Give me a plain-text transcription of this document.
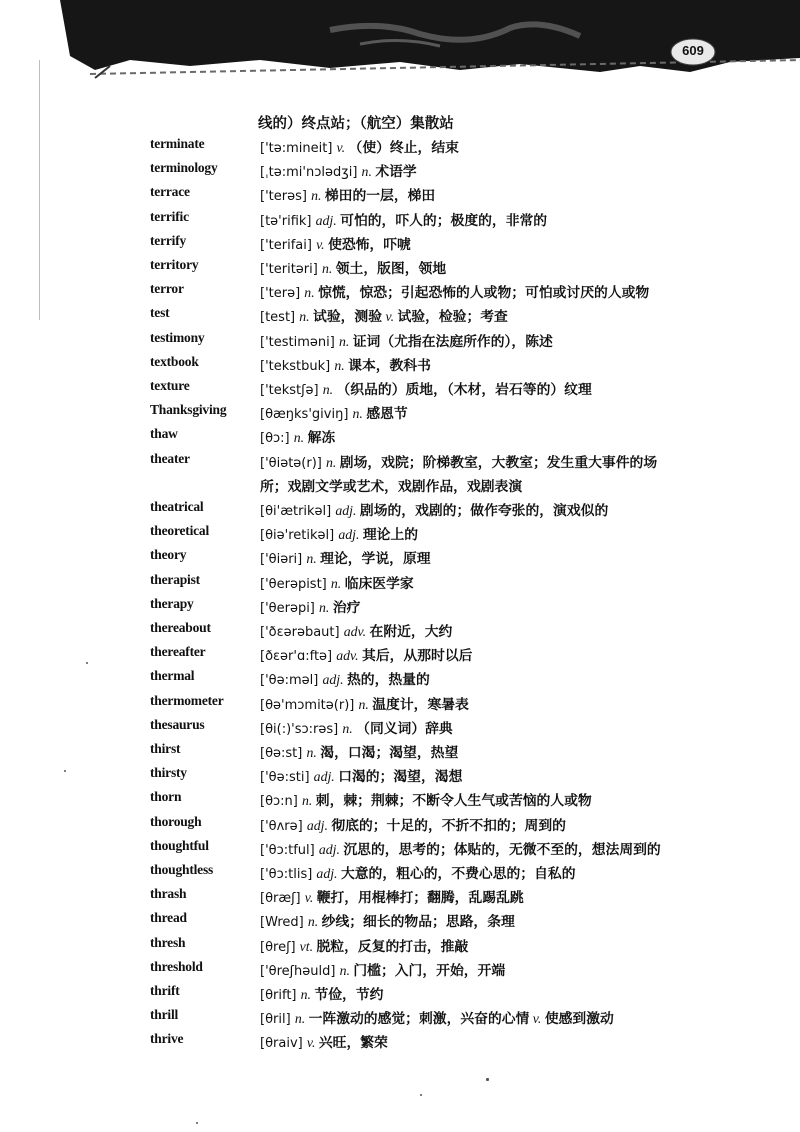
609
线的）终点站；（航空）集散站
terminate	['tə:mineit] v. （使）终止，结束
terminology	[ˌtə:mi'nɔlədʒi] n. 术语学
terrace	['terəs] n. 梯田的一层，梯田
terrific	[tə'rifik] adj. 可怕的，吓人的；极度的，非常的
terrify	['terifai] v. 使恐怖，吓唬
territory	['teritəri] n. 领土，版图，领地
terror	['terə] n. 惊慌，惊恐；引起恐怖的人或物；可怕或讨厌的人或物
test	[test] n. 试验，测验 v. 试验，检验；考查
testimony	['testiməni] n. 证词（尤指在法庭所作的），陈述
textbook	['tekstbuk] n. 课本，教科书
texture	['tekstʃə] n. （织品的）质地，（木材，岩石等的）纹理
Thanksgiving	[θæŋks'giviŋ] n. 感恩节
thaw	[θɔ:] n. 解冻
theater	['θiətə(r)] n. 剧场，戏院；阶梯教室，大教室；发生重大事件的场
所；戏剧文学或艺术，戏剧作品，戏剧表演
theatrical	[θi'ætrikəl] adj. 剧场的，戏剧的；做作夸张的，演戏似的
theoretical	[θiə'retikəl] adj. 理论上的
theory	['θiəri] n. 理论，学说，原理
therapist	['θerəpist] n. 临床医学家
therapy	['θerəpi] n. 治疗
thereabout	['ðεərəbaut] adv. 在附近，大约
thereafter	[ðεər'ɑ:ftə] adv. 其后，从那时以后
thermal	['θə:məl] adj. 热的，热量的
thermometer	[θə'mɔmitə(r)] n. 温度计，寒暑表
thesaurus	[θi(:)'sɔ:rəs] n. （同义词）辞典
thirst	[θə:st] n. 渴，口渴；渴望，热望
thirsty	['θə:sti] adj. 口渴的；渴望，渴想
thorn	[θɔ:n] n. 刺，棘；荆棘；不断令人生气或苦恼的人或物
thorough	['θʌrə] adj. 彻底的；十足的，不折不扣的；周到的
thoughtful	['θɔ:tful] adj. 沉思的，思考的；体贴的，无微不至的，想法周到的
thoughtless	['θɔ:tlis] adj. 大意的，粗心的，不费心思的；自私的
thrash	[θræʃ] v. 鞭打，用棍棒打；翻腾，乱踢乱跳
thread	[Wred] n. 纱线；细长的物品；思路，条理
thresh	[θreʃ] vt. 脱粒，反复的打击，推敲
threshold	['θreʃhəuld] n. 门槛；入门，开始，开端
thrift	[θrift] n. 节俭，节约
thrill	[θril] n. 一阵激动的感觉；刺激，兴奋的心情 v. 使感到激动
thrive	[θraiv] v. 兴旺，繁荣
